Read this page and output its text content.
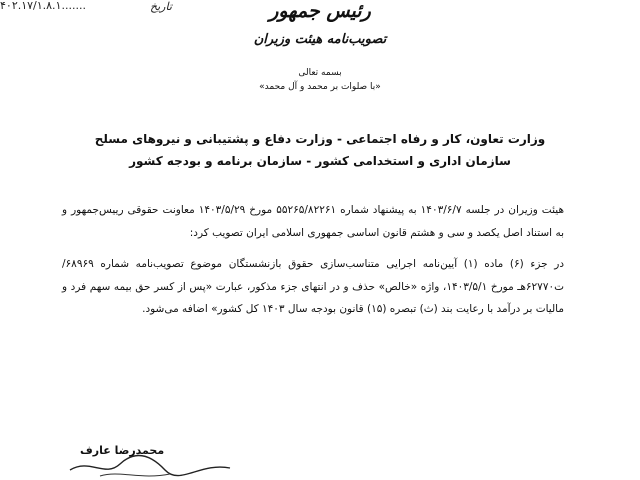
۴۰۲.۱۷/۱.۸.۱.......	تاریخ	رئیس جمهور
تصویب‌نامه هیئت وزیران
بسمه تعالی
«با صلوات بر محمد و آل محمد»
وزارت تعاون، کار و رفاه اجتماعی - وزارت دفاع و پشتیبانی و نیروهای مسلح
سازمان اداری و استخدامی کشور - سازمان برنامه و بودجه کشور

هیئت وزیران در جلسه ۱۴۰۳/۶/۷ به پیشنهاد شماره ۵۵۲۶۵/۸۲۲۶۱ مورخ ۱۴۰۳/۵/۲۹ معاونت حقوقی رییس‌جمهور و به استناد اصل یکصد و سی و هشتم قانون اساسی جمهوری اسلامی ایران تصویب کرد:

در جزء (۶) ماده (۱) آیین‌نامه اجرایی متناسب‌سازی حقوق بازنشستگان موضوع تصویب‌نامه شماره ۶۸۹۶۹/ت۶۲۷۷۰هـ مورخ ۱۴۰۳/۵/۱، واژه «خالص» حذف و در انتهای جزء مذکور، عبارت «پس از کسر حق بیمه سهم فرد و مالیات بر درآمد با رعایت بند (ث) تبصره (۱۵) قانون بودجه سال ۱۴۰۳ کل کشور» اضافه می‌شود.

محمدرضا عارف
